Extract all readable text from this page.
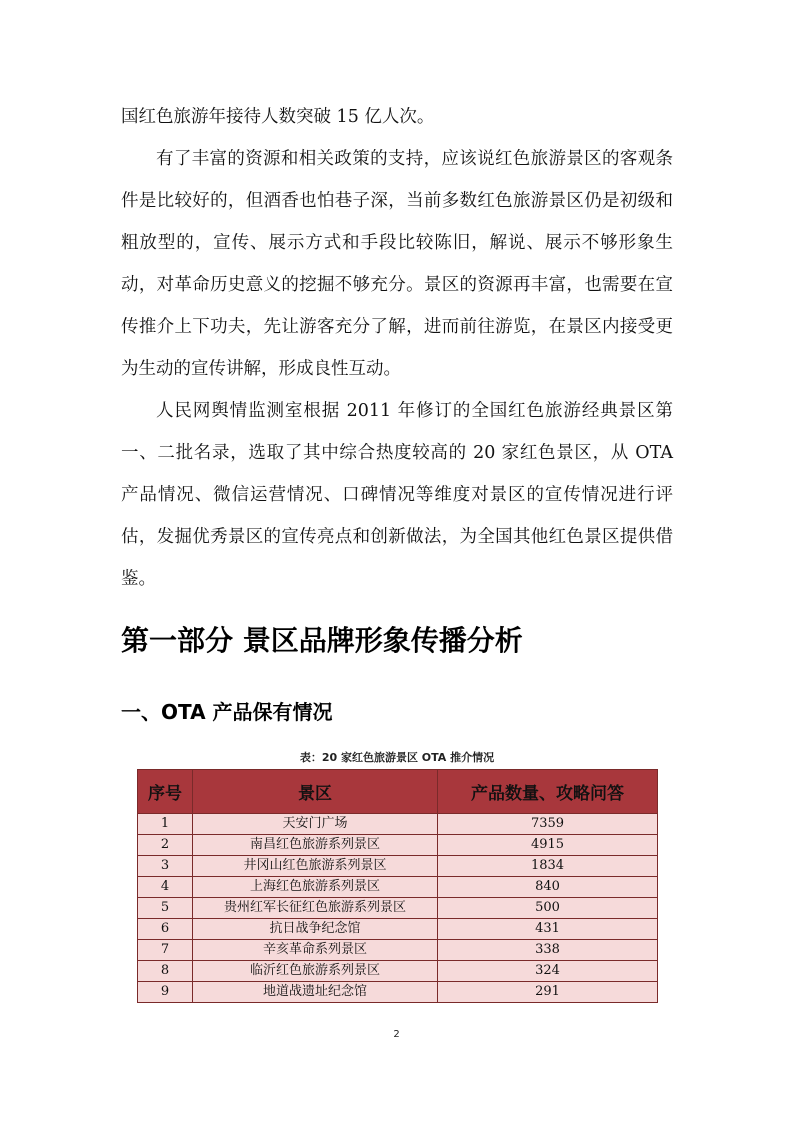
国红色旅游年接待人数突破 15 亿人次。

有了丰富的资源和相关政策的支持，应该说红色旅游景区的客观条件是比较好的，但酒香也怕巷子深，当前多数红色旅游景区仍是初级和粗放型的，宣传、展示方式和手段比较陈旧，解说、展示不够形象生动，对革命历史意义的挖掘不够充分。景区的资源再丰富，也需要在宣传推介上下功夫，先让游客充分了解，进而前往游览，在景区内接受更为生动的宣传讲解，形成良性互动。

人民网舆情监测室根据 2011 年修订的全国红色旅游经典景区第一、二批名录，选取了其中综合热度较高的 20 家红色景区，从 OTA 产品情况、微信运营情况、口碑情况等维度对景区的宣传情况进行评估，发掘优秀景区的宣传亮点和创新做法，为全国其他红色景区提供借鉴。

第一部分 景区品牌形象传播分析
一、OTA 产品保有情况
表：20 家红色旅游景区 OTA 推介情况
序号	景区	产品数量、攻略问答
1	天安门广场	7359
2	南昌红色旅游系列景区	4915
3	井冈山红色旅游系列景区	1834
4	上海红色旅游系列景区	840
5	贵州红军长征红色旅游系列景区	500
6	抗日战争纪念馆	431
7	辛亥革命系列景区	338
8	临沂红色旅游系列景区	324
9	地道战遗址纪念馆	291
2
